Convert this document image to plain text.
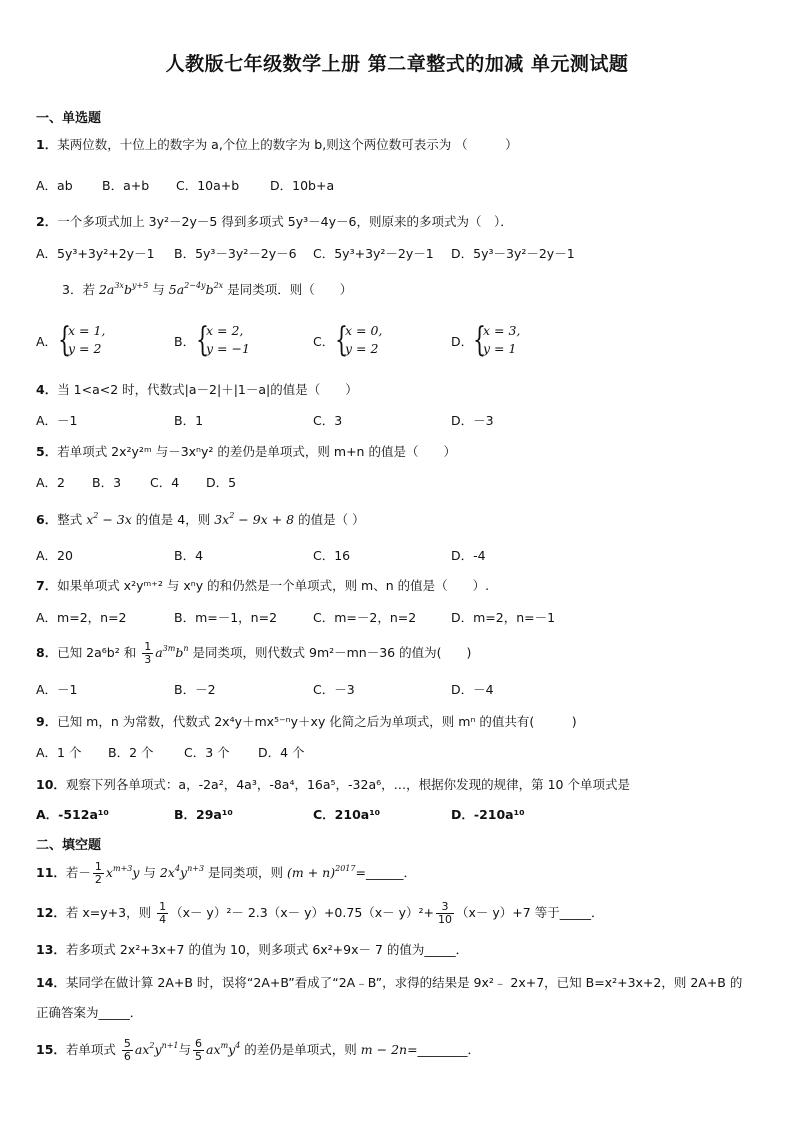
人教版七年级数学上册 第二章整式的加减 单元测试题
一、单选题
1．某两位数，十位上的数字为 a,个位上的数字为 b,则这个两位数可表示为 （　　　）
A．ab B．a+b C．10a+b D．10b+a
2．一个多项式加上 3y²－2y－5 得到多项式 5y³－4y－6，则原来的多项式为（　）．
A．5y³+3y²+2y－1 B．5y³－3y²－2y－6 C．5y³+3y²－2y－1 D．5y³－3y²－2y－1
3．若 $2a^{3x}b^{y+5}$ 与 $5a^{2-4y}b^{2x}$ 是同类项．则（　　）
A． {
x = 1,
y = 2	B． {
x = 2,
y = −1	C． {
x = 0,
y = 2	D． {
x = 3,
y = 1
4．当 1<a<2 时，代数式|a－2|＋|1－a|的值是（　　）
A．－1	B．1	C．3	D．－3
5．若单项式 2x²y²ᵐ 与－3xⁿy² 的差仍是单项式，则 m+n 的值是（　　）
A．2 B．3 C．4 D．5
6．整式 $x^2 - 3x$ 的值是 4，则 $3x^2 - 9x + 8$ 的值是（ ）
A．20	B．4	C．16	D．-4
7．如果单项式 x²yᵐ⁺² 与 xⁿy 的和仍然是一个单项式，则 m、n 的值是（　　）.
A．m=2，n=2	B．m=－1，n=2	C．m=－2，n=2	D．m=2，n=－1
8．已知 2a⁶b² 和 $\frac{1}{3} a^{3m}b^n$ 是同类项，则代数式 9m²－mn－36 的值为(　　)
A．－1	B．－2	C．－3	D．－4
9．已知 m，n 为常数，代数式 2x⁴y＋mx⁵⁻ⁿy＋xy 化简之后为单项式，则 mⁿ 的值共有(　　　)
A．1 个 B．2 个 C．3 个 D．4 个
10．观察下列各单项式：a，-2a²，4a³，-8a⁴，16a⁵，-32a⁶，…，根据你发现的规律，第 10 个单项式是
A．-512a¹⁰	B．29a¹⁰	C．210a¹⁰	D．-210a¹⁰
二、填空题
11．若－ $\frac{1}{2} x^{m+3}y$ 与 $2x^4y^{n+3}$ 是同类项，则 $(m + n)^{2017}=\_\_\_\_\_\_$．
12．若 x=y+3，则 $\frac{1}{4} (x- y)^2- 2.3(x- y)+0.75(x- y)^2+ \frac{3}{10} (x- y)+7$ 等于_____．
13．若多项式 2x²+3x+7 的值为 10，则多项式 6x²+9x－ 7 的值为_____．
14．某同学在做计算 2A+B 时，误将“2A+B”看成了“2A﹣B”，求得的结果是 9x²﹣ 2x+7，已知 B=x²+3x+2，则 2A+B 的
正确答案为_____．
15．若单项式 $\frac{5}{6} ax^2y^{n+1}$与 $\frac{6}{5} ax^my^4$ 的差仍是单项式，则 m − 2n=________．
